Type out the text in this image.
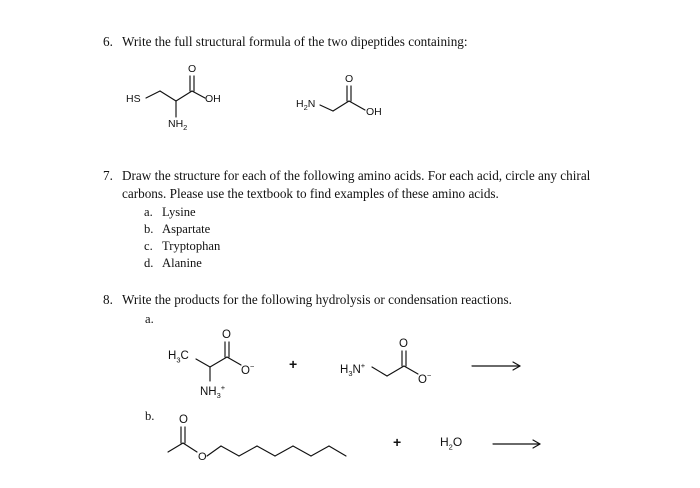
6. Write the full structural formula of the two dipeptides containing:
7. Draw the structure for each of the following amino acids. For each acid, circle any chiral
carbons. Please use the textbook to find examples of these amino acids.
a. Lysine
b. Aspartate
c. Tryptophan
d. Alanine
8. Write the products for the following hydrolysis or condensation reactions.
a.
b.
HS
O
OH
$NH_2$
$H_2N$
O
OH
$H_3C$
O
O−
$NH_3^+$
+	$H_3N^+$
O
O−
O
O
+	$H_2O$
